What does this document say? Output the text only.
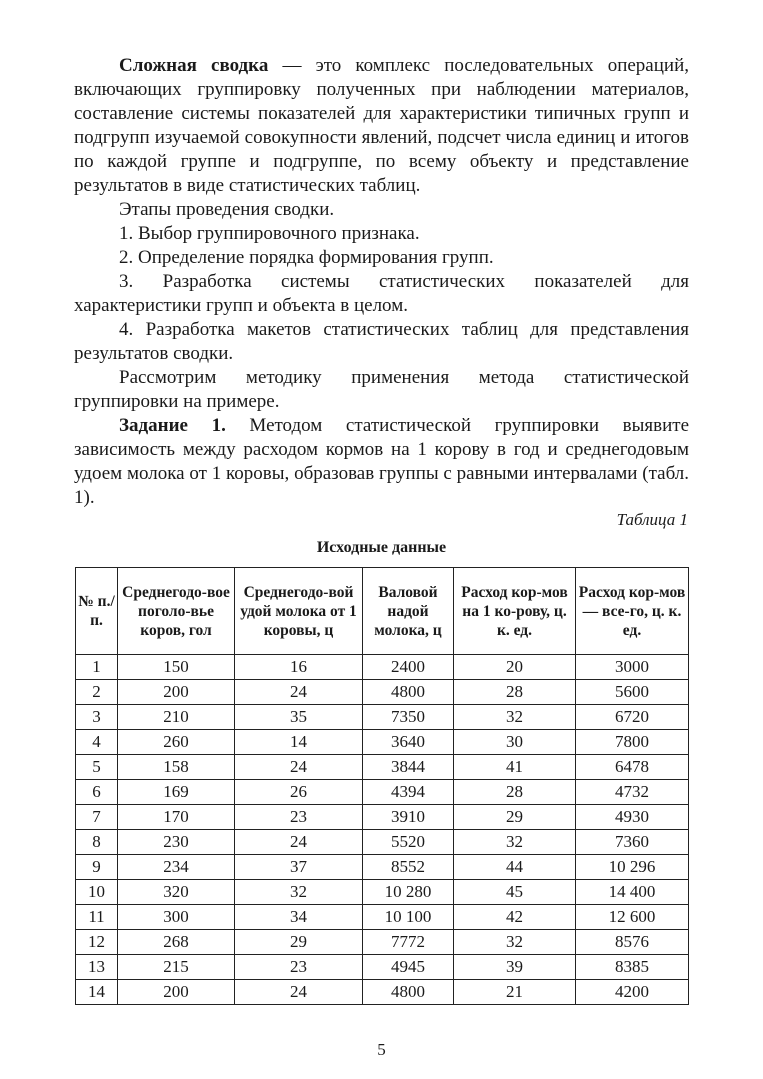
Сложная сводка — это комплекс последовательных операций, включающих группировку полученных при наблюдении материалов, составление системы показателей для характеристики типичных групп и подгрупп изучаемой совокупности явлений, подсчет числа единиц и итогов по каждой группе и подгруппе, по всему объекту и представление результатов в виде статистических таблиц.

Этапы проведения сводки.

1. Выбор группировочного признака.

2. Определение порядка формирования групп.

3. Разработка системы статистических показателей для характеристики групп и объекта в целом.

4. Разработка макетов статистических таблиц для представления результатов сводки.

Рассмотрим методику применения метода статистической группировки на примере.

Задание 1. Методом статистической группировки выявите зависимость между расходом кормов на 1 корову в год и среднегодовым удоем молока от 1 коровы, образовав группы с равными интервалами (табл. 1).

Таблица 1
Исходные данные
№ п./п.	Среднегодо-вое поголо-вье коров, гол	Среднегодо-вой удой молока от 1 коровы, ц	Валовой надой молока, ц	Расход кор-мов на 1 ко-рову, ц. к. ед.	Расход кор-мов — все-го, ц. к. ед.
1	150	16	2400	20	3000
2	200	24	4800	28	5600
3	210	35	7350	32	6720
4	260	14	3640	30	7800
5	158	24	3844	41	6478
6	169	26	4394	28	4732
7	170	23	3910	29	4930
8	230	24	5520	32	7360
9	234	37	8552	44	10 296
10	320	32	10 280	45	14 400
11	300	34	10 100	42	12 600
12	268	29	7772	32	8576
13	215	23	4945	39	8385
14	200	24	4800	21	4200
5
